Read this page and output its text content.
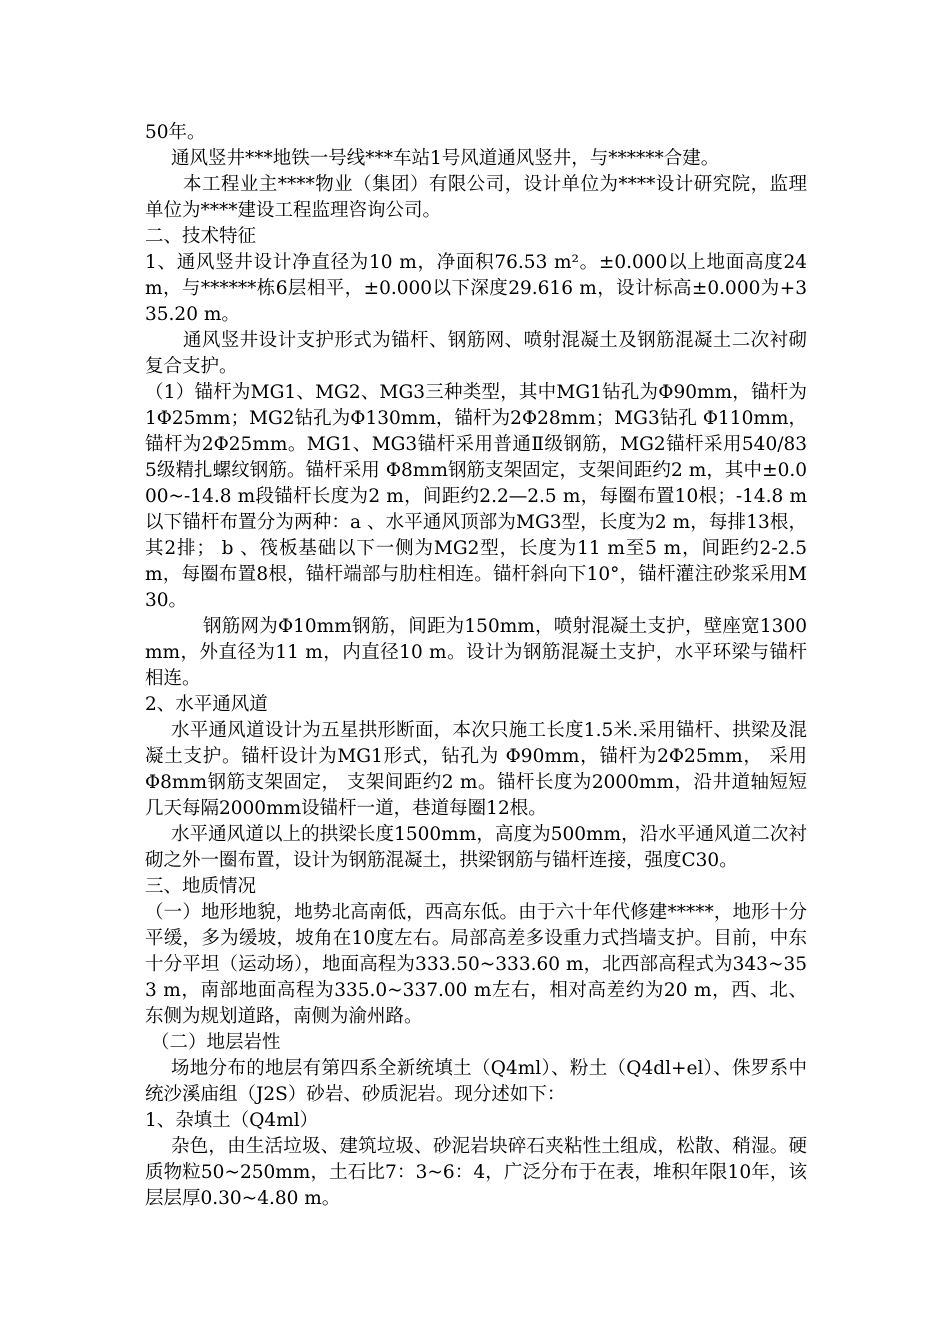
50年。

通风竖井***地铁一号线***车站1号风道通风竖井，与******合建。

本工程业主****物业（集团）有限公司，设计单位为****设计研究院，监理单位为****建设工程监理咨询公司。

二、技术特征

1、通风竖井设计净直径为10 m，净面积76.53 m²。±0.000以上地面高度24 m，与******栋6层相平，±0.000以下深度29.616 m，设计标高±0.000为+335.20 m。

通风竖井设计支护形式为锚杆、钢筋网、喷射混凝土及钢筋混凝土二次衬砌复合支护。

（1）锚杆为MG1、MG2、MG3三种类型，其中MG1钻孔为Φ90mm，锚杆为1Φ25mm；MG2钻孔为Φ130mm，锚杆为2Φ28mm；MG3钻孔 Φ110mm，锚杆为2Φ25mm。MG1、MG3锚杆采用普通Ⅱ级钢筋，MG2锚杆采用540/835级精扎螺纹钢筋。锚杆采用 Φ8mm钢筋支架固定，支架间距约2 m，其中±0.000~-14.8 m段锚杆长度为2 m，间距约2.2—2.5 m，每圈布置10根；-14.8 m以下锚杆布置分为两种：a 、水平通风顶部为MG3型，长度为2 m，每排13根，其2排； b 、筏板基础以下一侧为MG2型，长度为11 m至5 m，间距约2-2.5 m，每圈布置8根，锚杆端部与肋柱相连。锚杆斜向下10°，锚杆灌注砂浆采用M30。

钢筋网为Φ10mm钢筋，间距为150mm，喷射混凝土支护，壁座宽1300mm，外直径为11 m，内直径10 m。设计为钢筋混凝土支护，水平环梁与锚杆相连。

2、水平通风道

水平通风道设计为五星拱形断面，本次只施工长度1.5米.采用锚杆、拱梁及混凝土支护。锚杆设计为MG1形式，钻孔为 Φ90mm，锚杆为2Φ25mm， 采用 Φ8mm钢筋支架固定， 支架间距约2 m。锚杆长度为2000mm，沿井道轴短短几天每隔2000mm设锚杆一道，巷道每圈12根。

水平通风道以上的拱梁长度1500mm，高度为500mm，沿水平通风道二次衬砌之外一圈布置，设计为钢筋混凝土，拱梁钢筋与锚杆连接，强度C30。

三、地质情况

（一）地形地貌，地势北高南低，西高东低。由于六十年代修建*****，地形十分平缓，多为缓坡，坡角在10度左右。局部高差多设重力式挡墙支护。目前，中东十分平坦（运动场），地面高程为333.50~333.60 m，北西部高程式为343~353 m，南部地面高程为335.0~337.00 m左右，相对高差约为20 m，西、北、东侧为规划道路，南侧为渝州路。

（二）地层岩性

场地分布的地层有第四系全新统填土（Q4ml）、粉土（Q4dl+el）、侏罗系中统沙溪庙组（J2S）砂岩、砂质泥岩。现分述如下：

1、杂填土（Q4ml）

杂色，由生活垃圾、建筑垃圾、砂泥岩块碎石夹粘性土组成，松散、稍湿。硬质物粒50~250mm，土石比7：3~6：4，广泛分布于在表，堆积年限10年，该层层厚0.30~4.80 m。
